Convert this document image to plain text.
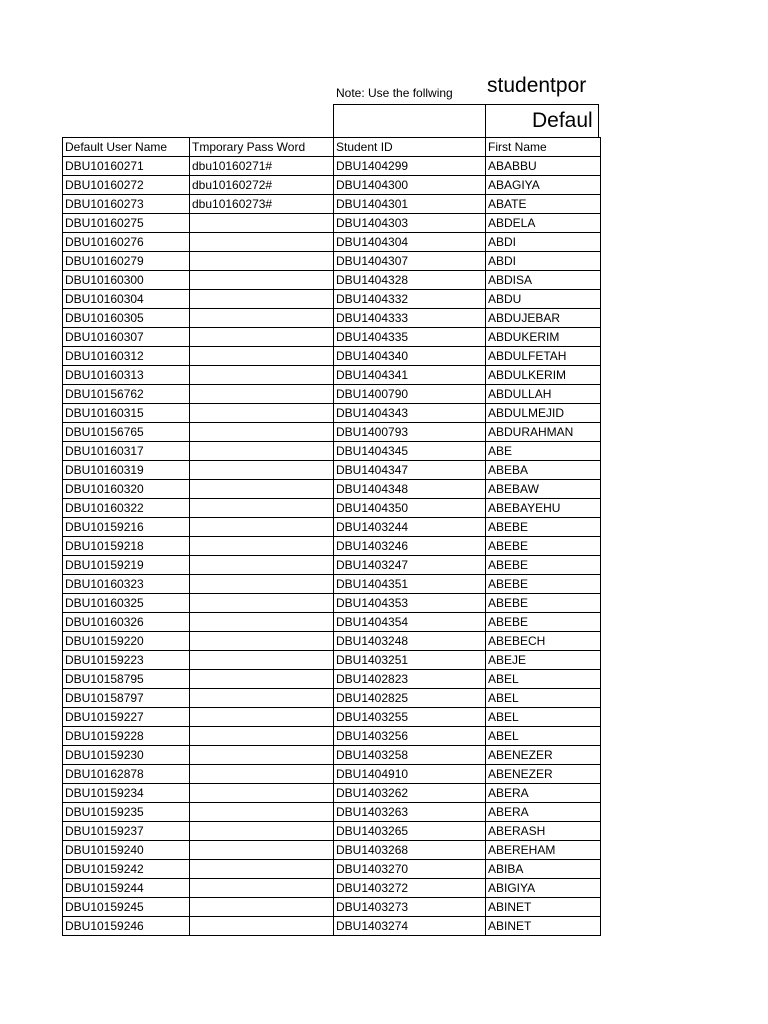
Note: Use the follwing studentpor
Defaul
Default User Name	Tmporary Pass Word	Student ID	First Name
DBU10160271	dbu10160271#	DBU1404299	ABABBU
DBU10160272	dbu10160272#	DBU1404300	ABAGIYA
DBU10160273	dbu10160273#	DBU1404301	ABATE
DBU10160275		DBU1404303	ABDELA
DBU10160276		DBU1404304	ABDI
DBU10160279		DBU1404307	ABDI
DBU10160300		DBU1404328	ABDISA
DBU10160304		DBU1404332	ABDU
DBU10160305		DBU1404333	ABDUJEBAR
DBU10160307		DBU1404335	ABDUKERIM
DBU10160312		DBU1404340	ABDULFETAH
DBU10160313		DBU1404341	ABDULKERIM
DBU10156762		DBU1400790	ABDULLAH
DBU10160315		DBU1404343	ABDULMEJID
DBU10156765		DBU1400793	ABDURAHMAN
DBU10160317		DBU1404345	ABE
DBU10160319		DBU1404347	ABEBA
DBU10160320		DBU1404348	ABEBAW
DBU10160322		DBU1404350	ABEBAYEHU
DBU10159216		DBU1403244	ABEBE
DBU10159218		DBU1403246	ABEBE
DBU10159219		DBU1403247	ABEBE
DBU10160323		DBU1404351	ABEBE
DBU10160325		DBU1404353	ABEBE
DBU10160326		DBU1404354	ABEBE
DBU10159220		DBU1403248	ABEBECH
DBU10159223		DBU1403251	ABEJE
DBU10158795		DBU1402823	ABEL
DBU10158797		DBU1402825	ABEL
DBU10159227		DBU1403255	ABEL
DBU10159228		DBU1403256	ABEL
DBU10159230		DBU1403258	ABENEZER
DBU10162878		DBU1404910	ABENEZER
DBU10159234		DBU1403262	ABERA
DBU10159235		DBU1403263	ABERA
DBU10159237		DBU1403265	ABERASH
DBU10159240		DBU1403268	ABEREHAM
DBU10159242		DBU1403270	ABIBA
DBU10159244		DBU1403272	ABIGIYA
DBU10159245		DBU1403273	ABINET
DBU10159246		DBU1403274	ABINET
